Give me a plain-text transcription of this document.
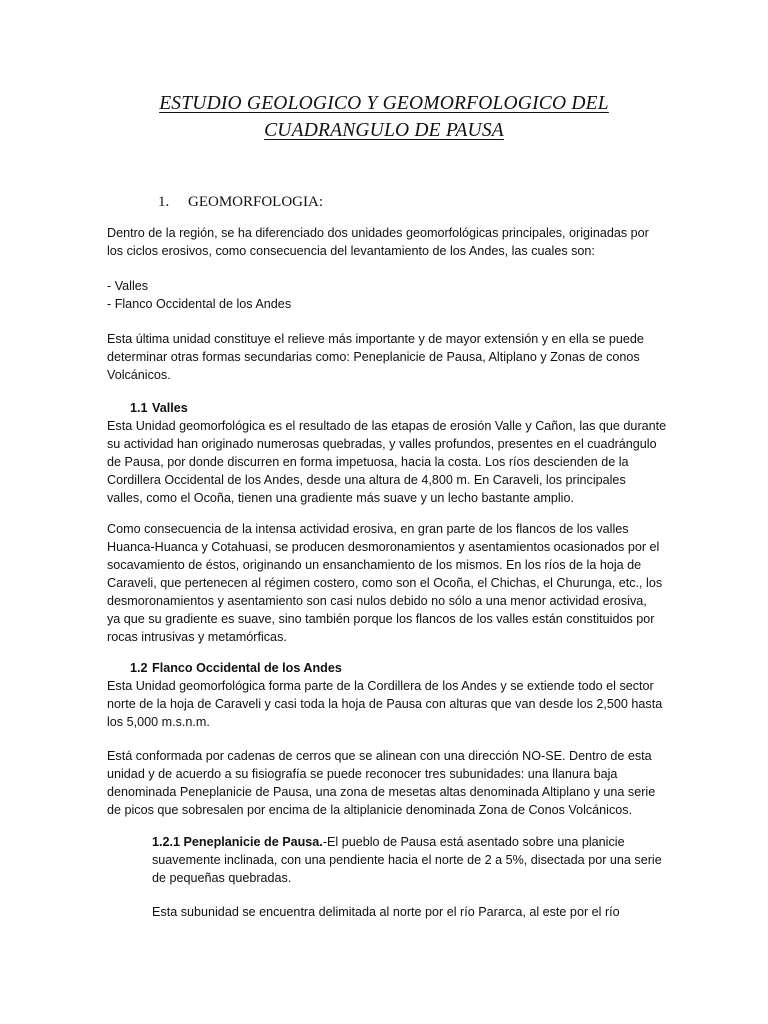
ESTUDIO GEOLOGICO Y GEOMORFOLOGICO DEL
CUADRANGULO DE PAUSA
1. GEOMORFOLOGIA:
Dentro de la región, se ha diferenciado dos unidades geomorfológicas principales, originadas por
los ciclos erosivos, como consecuencia del levantamiento de los Andes, las cuales son:
- Valles
- Flanco Occidental de los Andes
Esta última unidad constituye el relieve más importante y de mayor extensión y en ella se puede
determinar otras formas secundarias como: Peneplanicie de Pausa, Altiplano y Zonas de conos
Volcánicos.
1.1 Valles
Esta Unidad geomorfológica es el resultado de las etapas de erosión Valle y Cañon, las que durante
su actividad han originado numerosas quebradas, y valles profundos, presentes en el cuadrángulo
de Pausa, por donde discurren en forma impetuosa, hacia la costa. Los ríos descienden de la
Cordillera Occidental de los Andes, desde una altura de 4,800 m. En Caraveli, los principales
valles, como el Ocoña, tienen una gradiente más suave y un lecho bastante amplio.
Como consecuencia de la intensa actividad erosiva, en gran parte de los flancos de los valles
Huanca-Huanca y Cotahuasi, se producen desmoronamientos y asentamientos ocasionados por el
socavamiento de éstos, originando un ensanchamiento de los mismos. En los ríos de la hoja de
Caraveli, que pertenecen al régimen costero, como son el Ocoña, el Chichas, el Churunga, etc., los
desmoronamientos y asentamiento son casi nulos debido no sólo a una menor actividad erosiva,
ya que su gradiente es suave, sino también porque los flancos de los valles están constituidos por
rocas intrusivas y metamórficas.
1.2 Flanco Occidental de los Andes
Esta Unidad geomorfológica forma parte de la Cordillera de los Andes y se extiende todo el sector
norte de la hoja de Caraveli y casi toda la hoja de Pausa con alturas que van desde los 2,500 hasta
los 5,000 m.s.n.m.
Está conformada por cadenas de cerros que se alinean con una dirección NO-SE. Dentro de esta
unidad y de acuerdo a su fisiografía se puede reconocer tres subunidades: una llanura baja
denominada Peneplanicie de Pausa, una zona de mesetas altas denominada Altiplano y una serie
de picos que sobresalen por encima de la altiplanicie denominada Zona de Conos Volcánicos.
1.2.1 Peneplanicie de Pausa.-El pueblo de Pausa está asentado sobre una planicie
suavemente inclinada, con una pendiente hacia el norte de 2 a 5%, disectada por una serie
de pequeñas quebradas.
Esta subunidad se encuentra delimitada al norte por el río Pararca, al este por el río
